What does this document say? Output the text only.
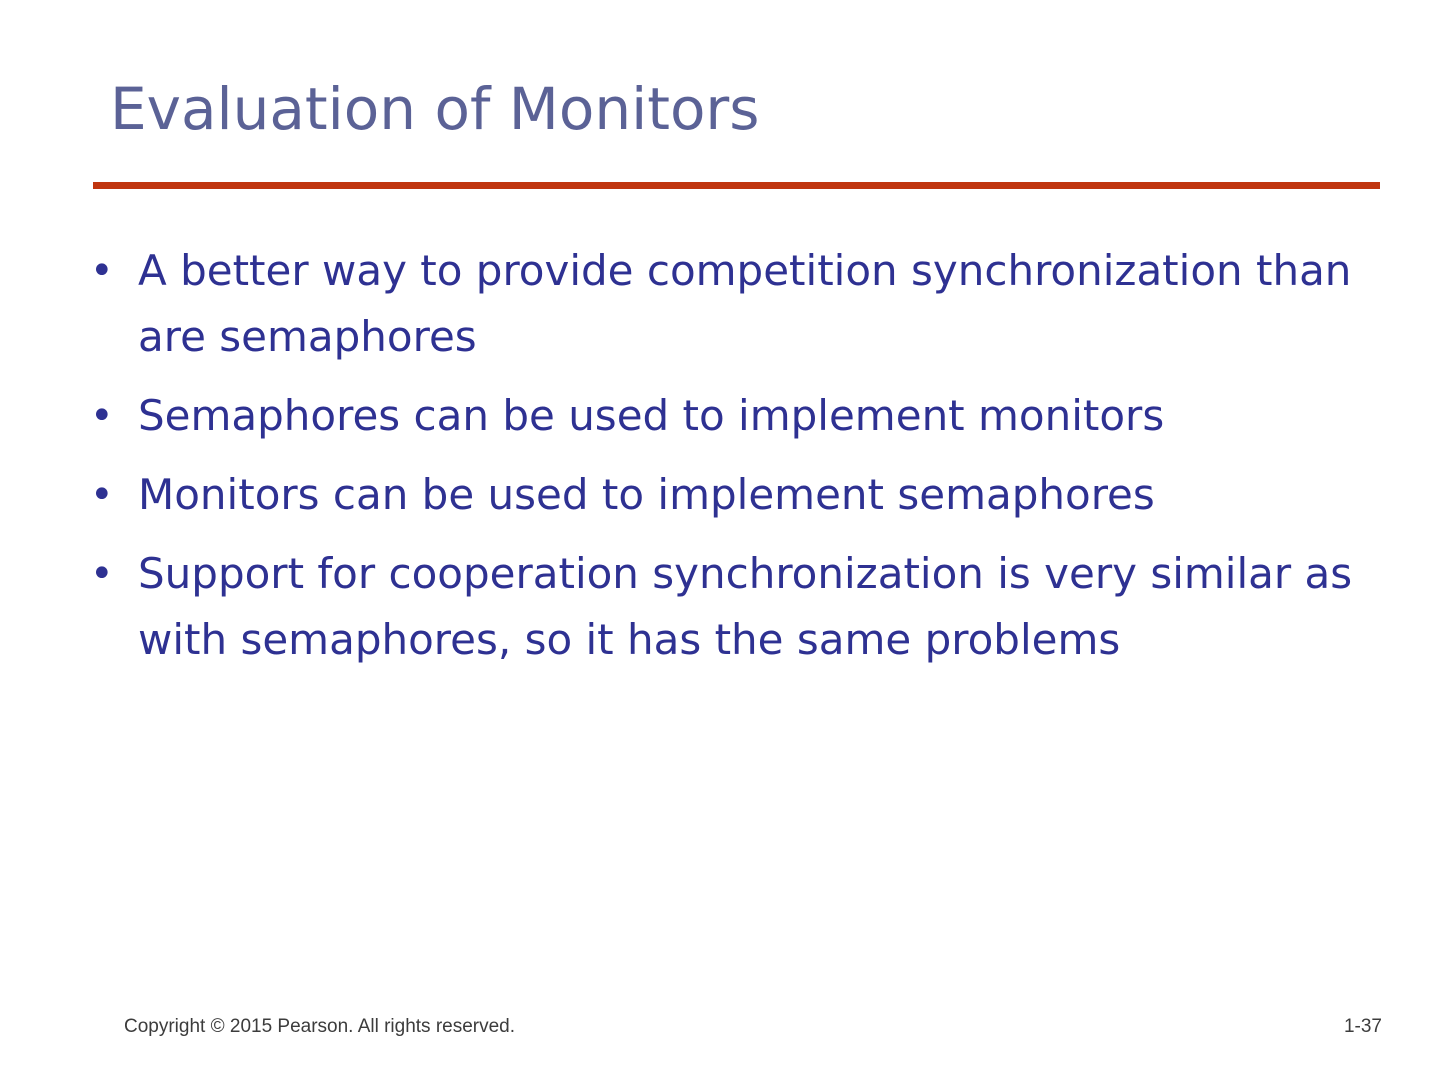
Evaluation of Monitors
• A better way to provide competition synchronization than are semaphores
• Semaphores can be used to implement monitors
• Monitors can be used to implement semaphores
• Support for cooperation synchronization is very similar as with semaphores, so it has the same problems
Copyright © 2015 Pearson. All rights reserved.	1-37
